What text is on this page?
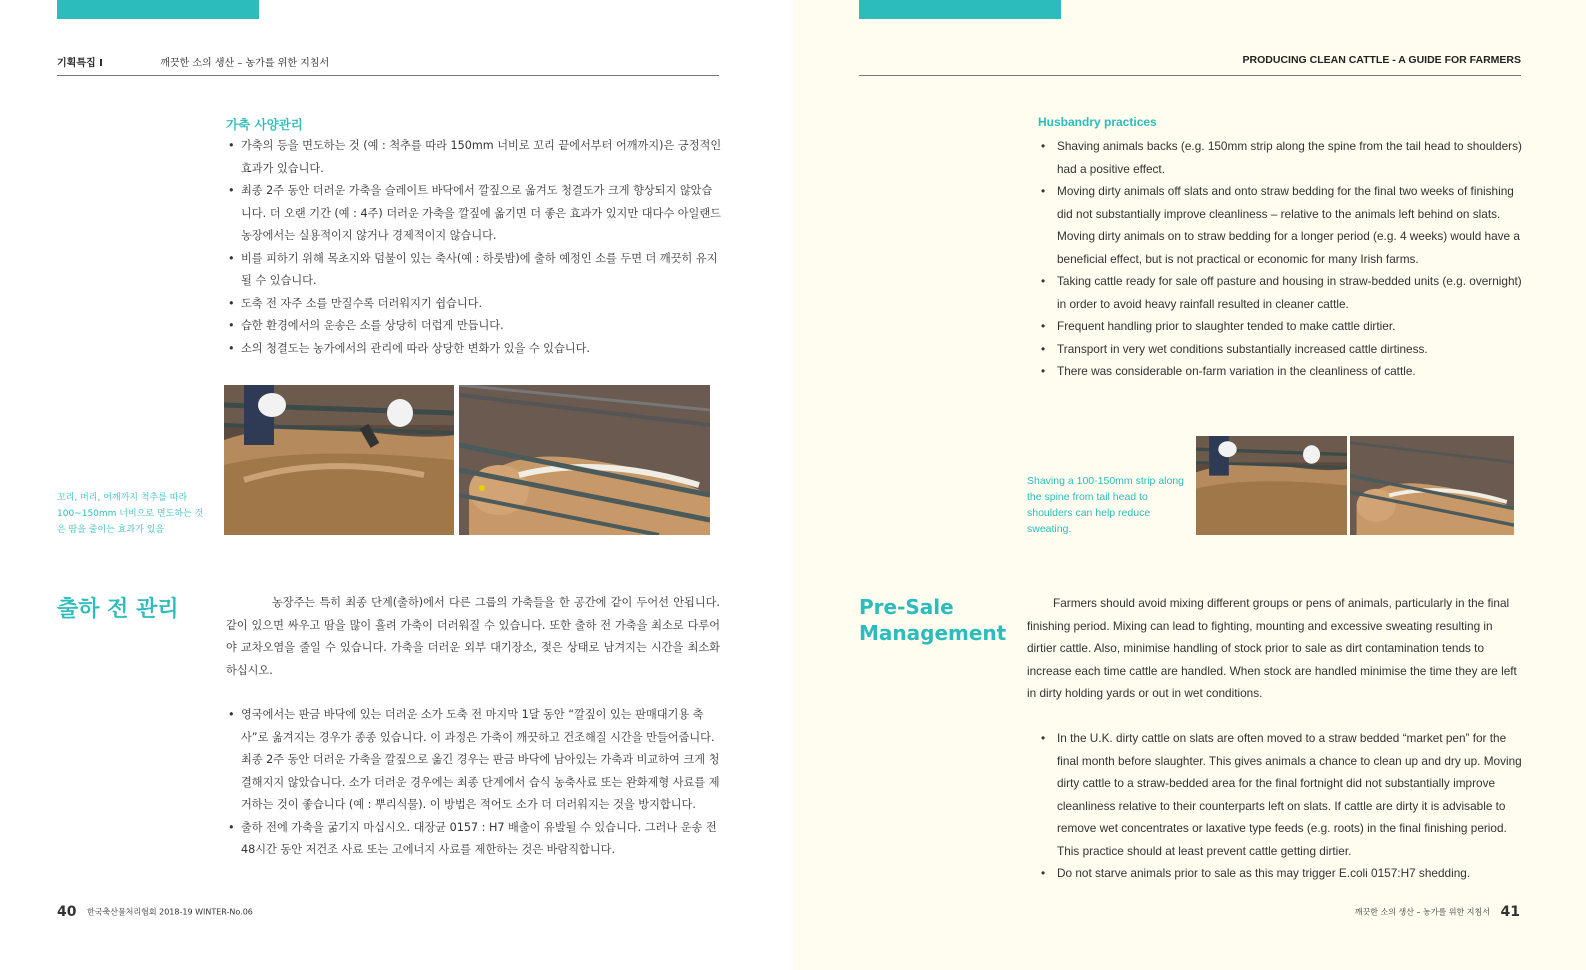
기획특집 Ⅰ	깨끗한 소의 생산 – 농가를 위한 지침서
가축 사양관리
• 가축의 등을 면도하는 것 (예 : 척추를 따라 150mm 너비로 꼬리 끝에서부터 어깨까지)은 긍정적인 효과가 있습니다.
• 최종 2주 동안 더러운 가축을 슬레이트 바닥에서 깔짚으로 옮겨도 청결도가 크게 향상되지 않았습니다. 더 오랜 기간 (예 : 4주) 더러운 가축을 깔짚에 옮기면 더 좋은 효과가 있지만 대다수 아일랜드 농장에서는 실용적이지 않거나 경제적이지 않습니다.
• 비를 피하기 위해 목초지와 덤불이 있는 축사(예 : 하룻밤)에 출하 예정인 소를 두면 더 깨끗히 유지될 수 있습니다.
• 도축 전 자주 소를 만질수록 더러워지기 쉽습니다.
• 습한 환경에서의 운송은 소를 상당히 더럽게 만듭니다.
• 소의 청결도는 농가에서의 관리에 따라 상당한 변화가 있을 수 있습니다.
꼬리, 머리, 어깨까지 척추를 따라 100~150mm 너비으로 면도하는 것은 땀을 줄이는 효과가 있음
출하 전 관리	농장주는 특히 최종 단계(출하)에서 다른 그룹의 가축들을 한 공간에 같이 두어선 안됩니다. 같이 있으면 싸우고 땀을 많이 흘려 가축이 더러워질 수 있습니다. 또한 출하 전 가축을 최소로 다루어야 교차오염을 줄일 수 있습니다. 가축을 더러운 외부 대기장소, 젖은 상태로 남겨지는 시간을 최소화 하십시오.

• 영국에서는 판금 바닥에 있는 더러운 소가 도축 전 마지막 1달 동안 “깔짚이 있는 판매대기용 축사”로 옮겨지는 경우가 종종 있습니다. 이 과정은 가축이 깨끗하고 건조해질 시간을 만들어줍니다. 최종 2주 동안 더러운 가축을 깔짚으로 옮긴 경우는 판금 바닥에 남아있는 가축과 비교하여 크게 청결해지지 않았습니다. 소가 더러운 경우에는 최종 단계에서 습식 농축사료 또는 완화제형 사료를 제거하는 것이 좋습니다 (예 : 뿌리식물). 이 방법은 적어도 소가 더 더러워지는 것을 방지합니다.
• 출하 전에 가축을 굶기지 마십시오. 대장균 0157 : H7 배출이 유발될 수 있습니다. 그러나 운송 전 48시간 동안 저건조 사료 또는 고에너지 사료를 제한하는 것은 바람직합니다.
40 한국축산물처리협회 2018-19 WINTER-No.06
PRODUCING CLEAN CATTLE - A GUIDE FOR FARMERS
Husbandry practices
• Shaving animals backs (e.g. 150mm strip along the spine from the tail head to shoulders) had a positive effect.
• Moving dirty animals off slats and onto straw bedding for the final two weeks of finishing did not substantially improve cleanliness – relative to the animals left behind on slats. Moving dirty animals on to straw bedding for a longer period (e.g. 4 weeks) would have a beneficial effect, but is not practical or economic for many Irish farms.
• Taking cattle ready for sale off pasture and housing in straw-bedded units (e.g. overnight) in order to avoid heavy rainfall resulted in cleaner cattle.
• Frequent handling prior to slaughter tended to make cattle dirtier.
• Transport in very wet conditions substantially increased cattle dirtiness.
• There was considerable on-farm variation in the cleanliness of cattle.
Shaving a 100-150mm strip along the spine from tail head to shoulders can help reduce sweating.
Pre-Sale Management

Farmers should avoid mixing different groups or pens of animals, particularly in the final finishing period. Mixing can lead to fighting, mounting and excessive sweating resulting in dirtier cattle. Also, minimise handling of stock prior to sale as dirt contamination tends to increase each time cattle are handled. When stock are handled minimise the time they are left in dirty holding yards or out in wet conditions.

• In the U.K. dirty cattle on slats are often moved to a straw bedded “market pen” for the final month before slaughter. This gives animals a chance to clean up and dry up. Moving dirty cattle to a straw-bedded area for the final fortnight did not substantially improve cleanliness relative to their counterparts left on slats. If cattle are dirty it is advisable to remove wet concentrates or laxative type feeds (e.g. roots) in the final finishing period. This practice should at least prevent cattle getting dirtier.
• Do not starve animals prior to sale as this may trigger E.coli 0157:H7 shedding.
깨끗한 소의 생산 – 농가를 위한 지침서 41
